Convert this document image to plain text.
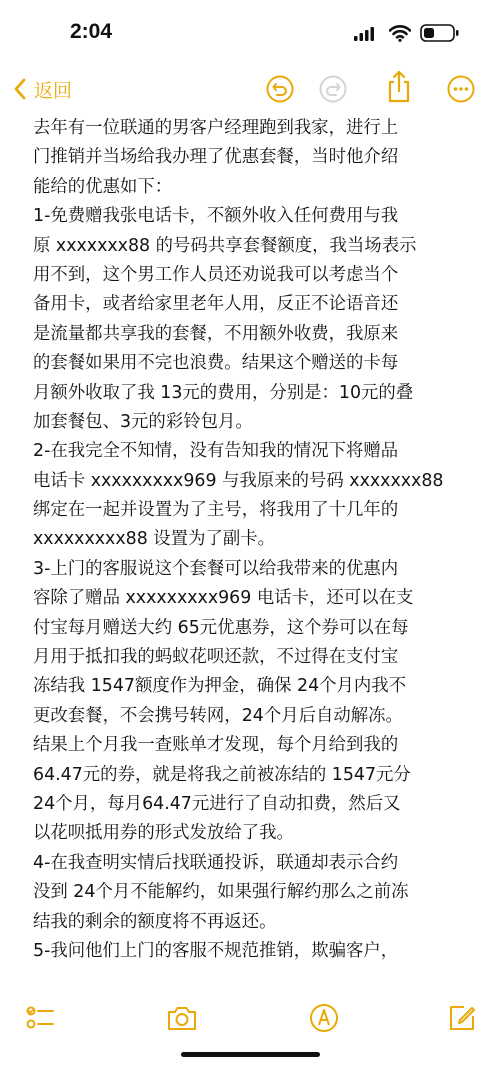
2:04
返回
去年有一位联通的男客户经理跑到我家，进行上
门推销并当场给我办理了优惠套餐，当时他介绍
能给的优惠如下：
1-免费赠我张电话卡，不额外收入任何费用与我
原 xxxxxxx88 的号码共享套餐额度，我当场表示
用不到，这个男工作人员还劝说我可以考虑当个
备用卡，或者给家里老年人用，反正不论语音还
是流量都共享我的套餐，不用额外收费，我原来
的套餐如果用不完也浪费。结果这个赠送的卡每
月额外收取了我 13元的费用，分别是：10元的叠
加套餐包、3元的彩铃包月。
2-在我完全不知情，没有告知我的情况下将赠品
电话卡 xxxxxxxxx969 与我原来的号码 xxxxxxx88
绑定在一起并设置为了主号，将我用了十几年的
xxxxxxxxx88 设置为了副卡。
3-上门的客服说这个套餐可以给我带来的优惠内
容除了赠品 xxxxxxxxx969 电话卡，还可以在支
付宝每月赠送大约 65元优惠券，这个券可以在每
月用于抵扣我的蚂蚁花呗还款，不过得在支付宝
冻结我 1547额度作为押金，确保 24个月内我不
更改套餐，不会携号转网，24个月后自动解冻。
结果上个月我一查账单才发现，每个月给到我的
64.47元的券，就是将我之前被冻结的 1547元分
24个月，每月64.47元进行了自动扣费，然后又
以花呗抵用券的形式发放给了我。
4-在我查明实情后找联通投诉，联通却表示合约
没到 24个月不能解约，如果强行解约那么之前冻
结我的剩余的额度将不再返还。
5-我问他们上门的客服不规范推销，欺骗客户，
